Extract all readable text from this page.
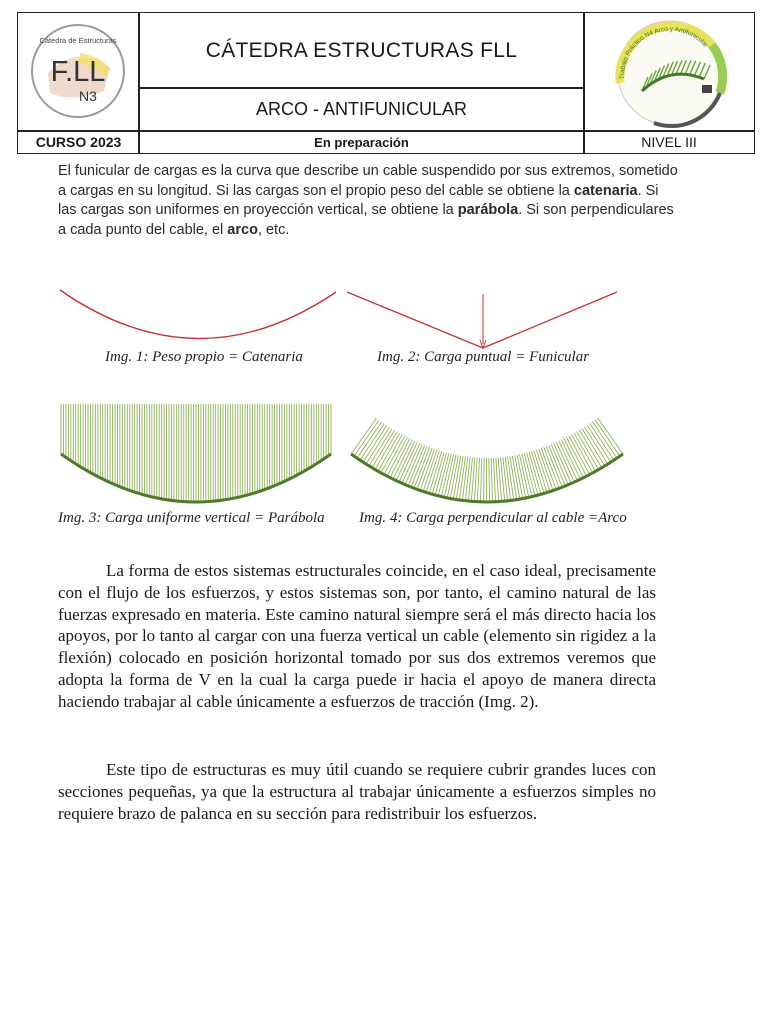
Cátedra de Estructuras
F.LL
N3
CÁTEDRA ESTRUCTURAS FLL
ARCO - ANTIFUNICULAR
Trabajo Práctico N4 Arco y Antifunicular
CURSO 2023	En preparación	NIVEL III
El funicular de cargas es la curva que describe un cable suspendido por sus extremos, sometido a cargas en su longitud. Si las cargas son el propio peso del cable se obtiene la catenaria. Si las cargas son uniformes en proyección vertical, se obtiene la parábola. Si son perpendiculares a cada punto del cable, el arco, etc.
Img. 1: Peso propio = Catenaria	Img. 2: Carga puntual = Funicular
Img. 3: Carga uniforme vertical = Parábola Img. 4: Carga perpendicular al cable =Arco

La forma de estos sistemas estructurales coincide, en el caso ideal, precisamente con el flujo de los esfuerzos, y estos sistemas son, por tanto, el camino natural de las fuerzas expresado en materia. Este camino natural siempre será el más directo hacia los apoyos, por lo tanto al cargar con una fuerza vertical un cable (elemento sin rigidez a la flexión) colocado en posición horizontal tomado por sus dos extremos veremos que adopta la forma de V en la cual la carga puede ir hacia el apoyo de manera directa haciendo trabajar al cable únicamente a esfuerzos de tracción (Img. 2).

Este tipo de estructuras es muy útil cuando se requiere cubrir grandes luces con secciones pequeñas, ya que la estructura al trabajar únicamente a esfuerzos simples no requiere brazo de palanca en su sección para redistribuir los esfuerzos.
